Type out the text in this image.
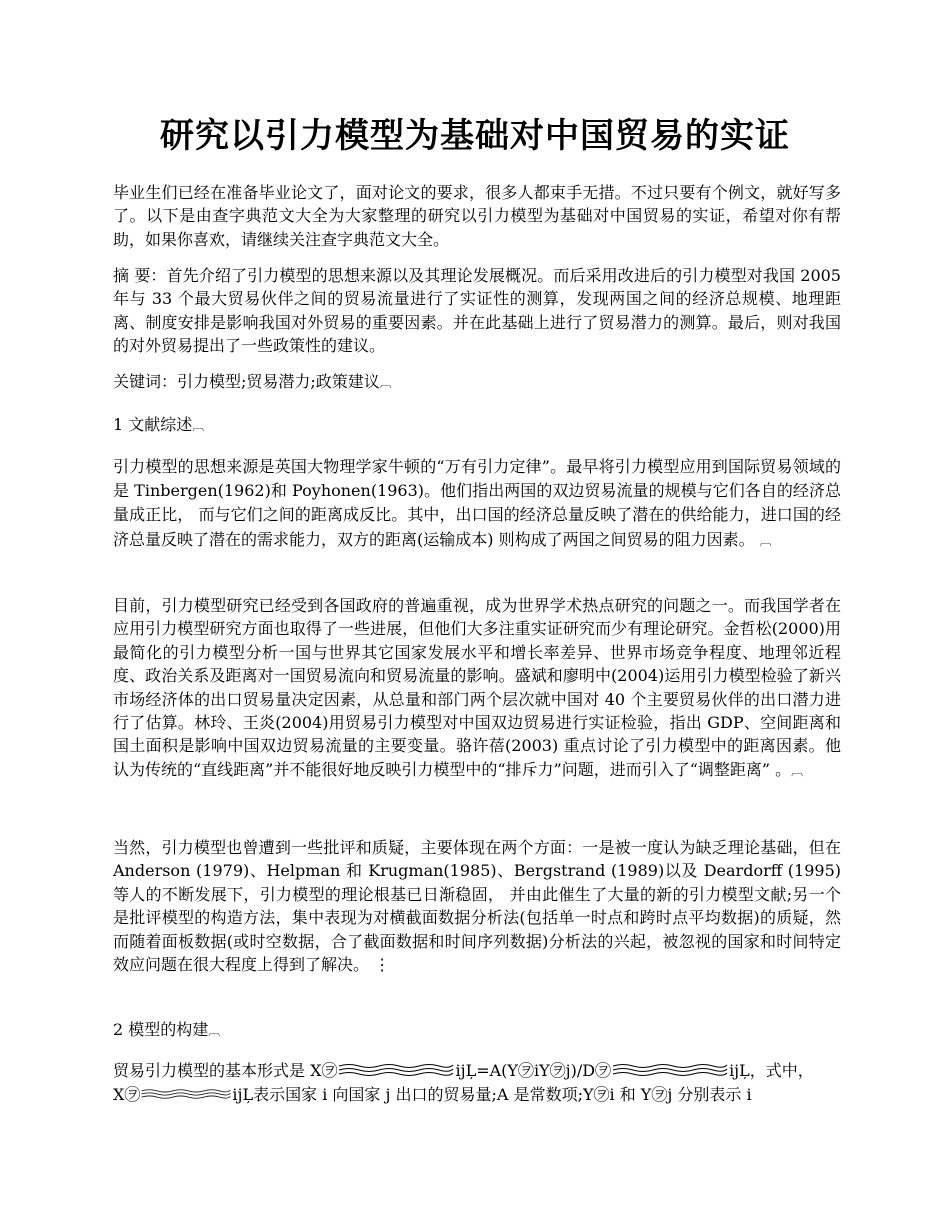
研究以引力模型为基础对中国贸易的实证
毕业生们已经在准备毕业论文了，面对论文的要求，很多人都束手无措。不过只要有个例文，就好写多了。以下是由查字典范文大全为大家整理的研究以引力模型为基础对中国贸易的实证，希望对你有帮助，如果你喜欢，请继续关注查字典范文大全。
摘 要：首先介绍了引力模型的思想来源以及其理论发展概况。而后采用改进后的引力模型对我国 2005 年与 33 个最大贸易伙伴之间的贸易流量进行了实证性的测算，发现两国之间的经济总规模、地理距离、制度安排是影响我国对外贸易的重要因素。并在此基础上进行了贸易潜力的测算。最后，则对我国的对外贸易提出了一些政策性的建议。
关键词：引力模型;贸易潜力;政策建议︹
1 文献综述︹
引力模型的思想来源是英国大物理学家牛顿的“万有引力定律”。最早将引力模型应用到国际贸易领域的是 Tinbergen(1962)和 Poyhonen(1963)。他们指出两国的双边贸易流量的规模与它们各自的经济总量成正比， 而与它们之间的距离成反比。其中，出口国的经济总量反映了潜在的供给能力，进口国的经济总量反映了潜在的需求能力，双方的距离(运输成本) 则构成了两国之间贸易的阻力因素。 ︹
目前，引力模型研究已经受到各国政府的普遍重视，成为世界学术热点研究的问题之一。而我国学者在应用引力模型研究方面也取得了一些进展，但他们大多注重实证研究而少有理论研究。金哲松(2000)用最简化的引力模型分析一国与世界其它国家发展水平和增长率差异、世界市场竞争程度、地理邻近程度、政治关系及距离对一国贸易流向和贸易流量的影响。盛斌和廖明中(2004)运用引力模型检验了新兴市场经济体的出口贸易量决定因素，从总量和部门两个层次就中国对 40 个主要贸易伙伴的出口潜力进行了估算。林玲、王炎(2004)用贸易引力模型对中国双边贸易进行实证检验，指出 GDP、空间距离和国土面积是影响中国双边贸易流量的主要变量。骆许蓓(2003) 重点讨论了引力模型中的距离因素。他认为传统的“直线距离”并不能很好地反映引力模型中的“排斥力”问题，进而引入了“调整距离” 。︹
当然，引力模型也曾遭到一些批评和质疑，主要体现在两个方面：一是被一度认为缺乏理论基础，但在 Anderson (1979)、Helpman 和 Krugman(1985)、Bergstrand (1989)以及 Deardorff (1995)等人的不断发展下，引力模型的理论根基已日渐稳固， 并由此催生了大量的新的引力模型文献;另一个是批评模型的构造方法，集中表现为对横截面数据分析法(包括单一时点和跨时点平均数据)的质疑，然而随着面板数据(或时空数据，合了截面数据和时间序列数据)分析法的兴起，被忽视的国家和时间特定效应问题在很大程度上得到了解决。 ⋮
2 模型的构建︹
贸易引力模型的基本形式是 X㋾	ijĻ=A(Y㋾iY㋾j)/D㋾	ijĻ，式中，
X㋾	ijĻ表示国家 i 向国家 j 出口的贸易量;A 是常数项;Y㋾i 和 Y㋾j 分别表示 i
